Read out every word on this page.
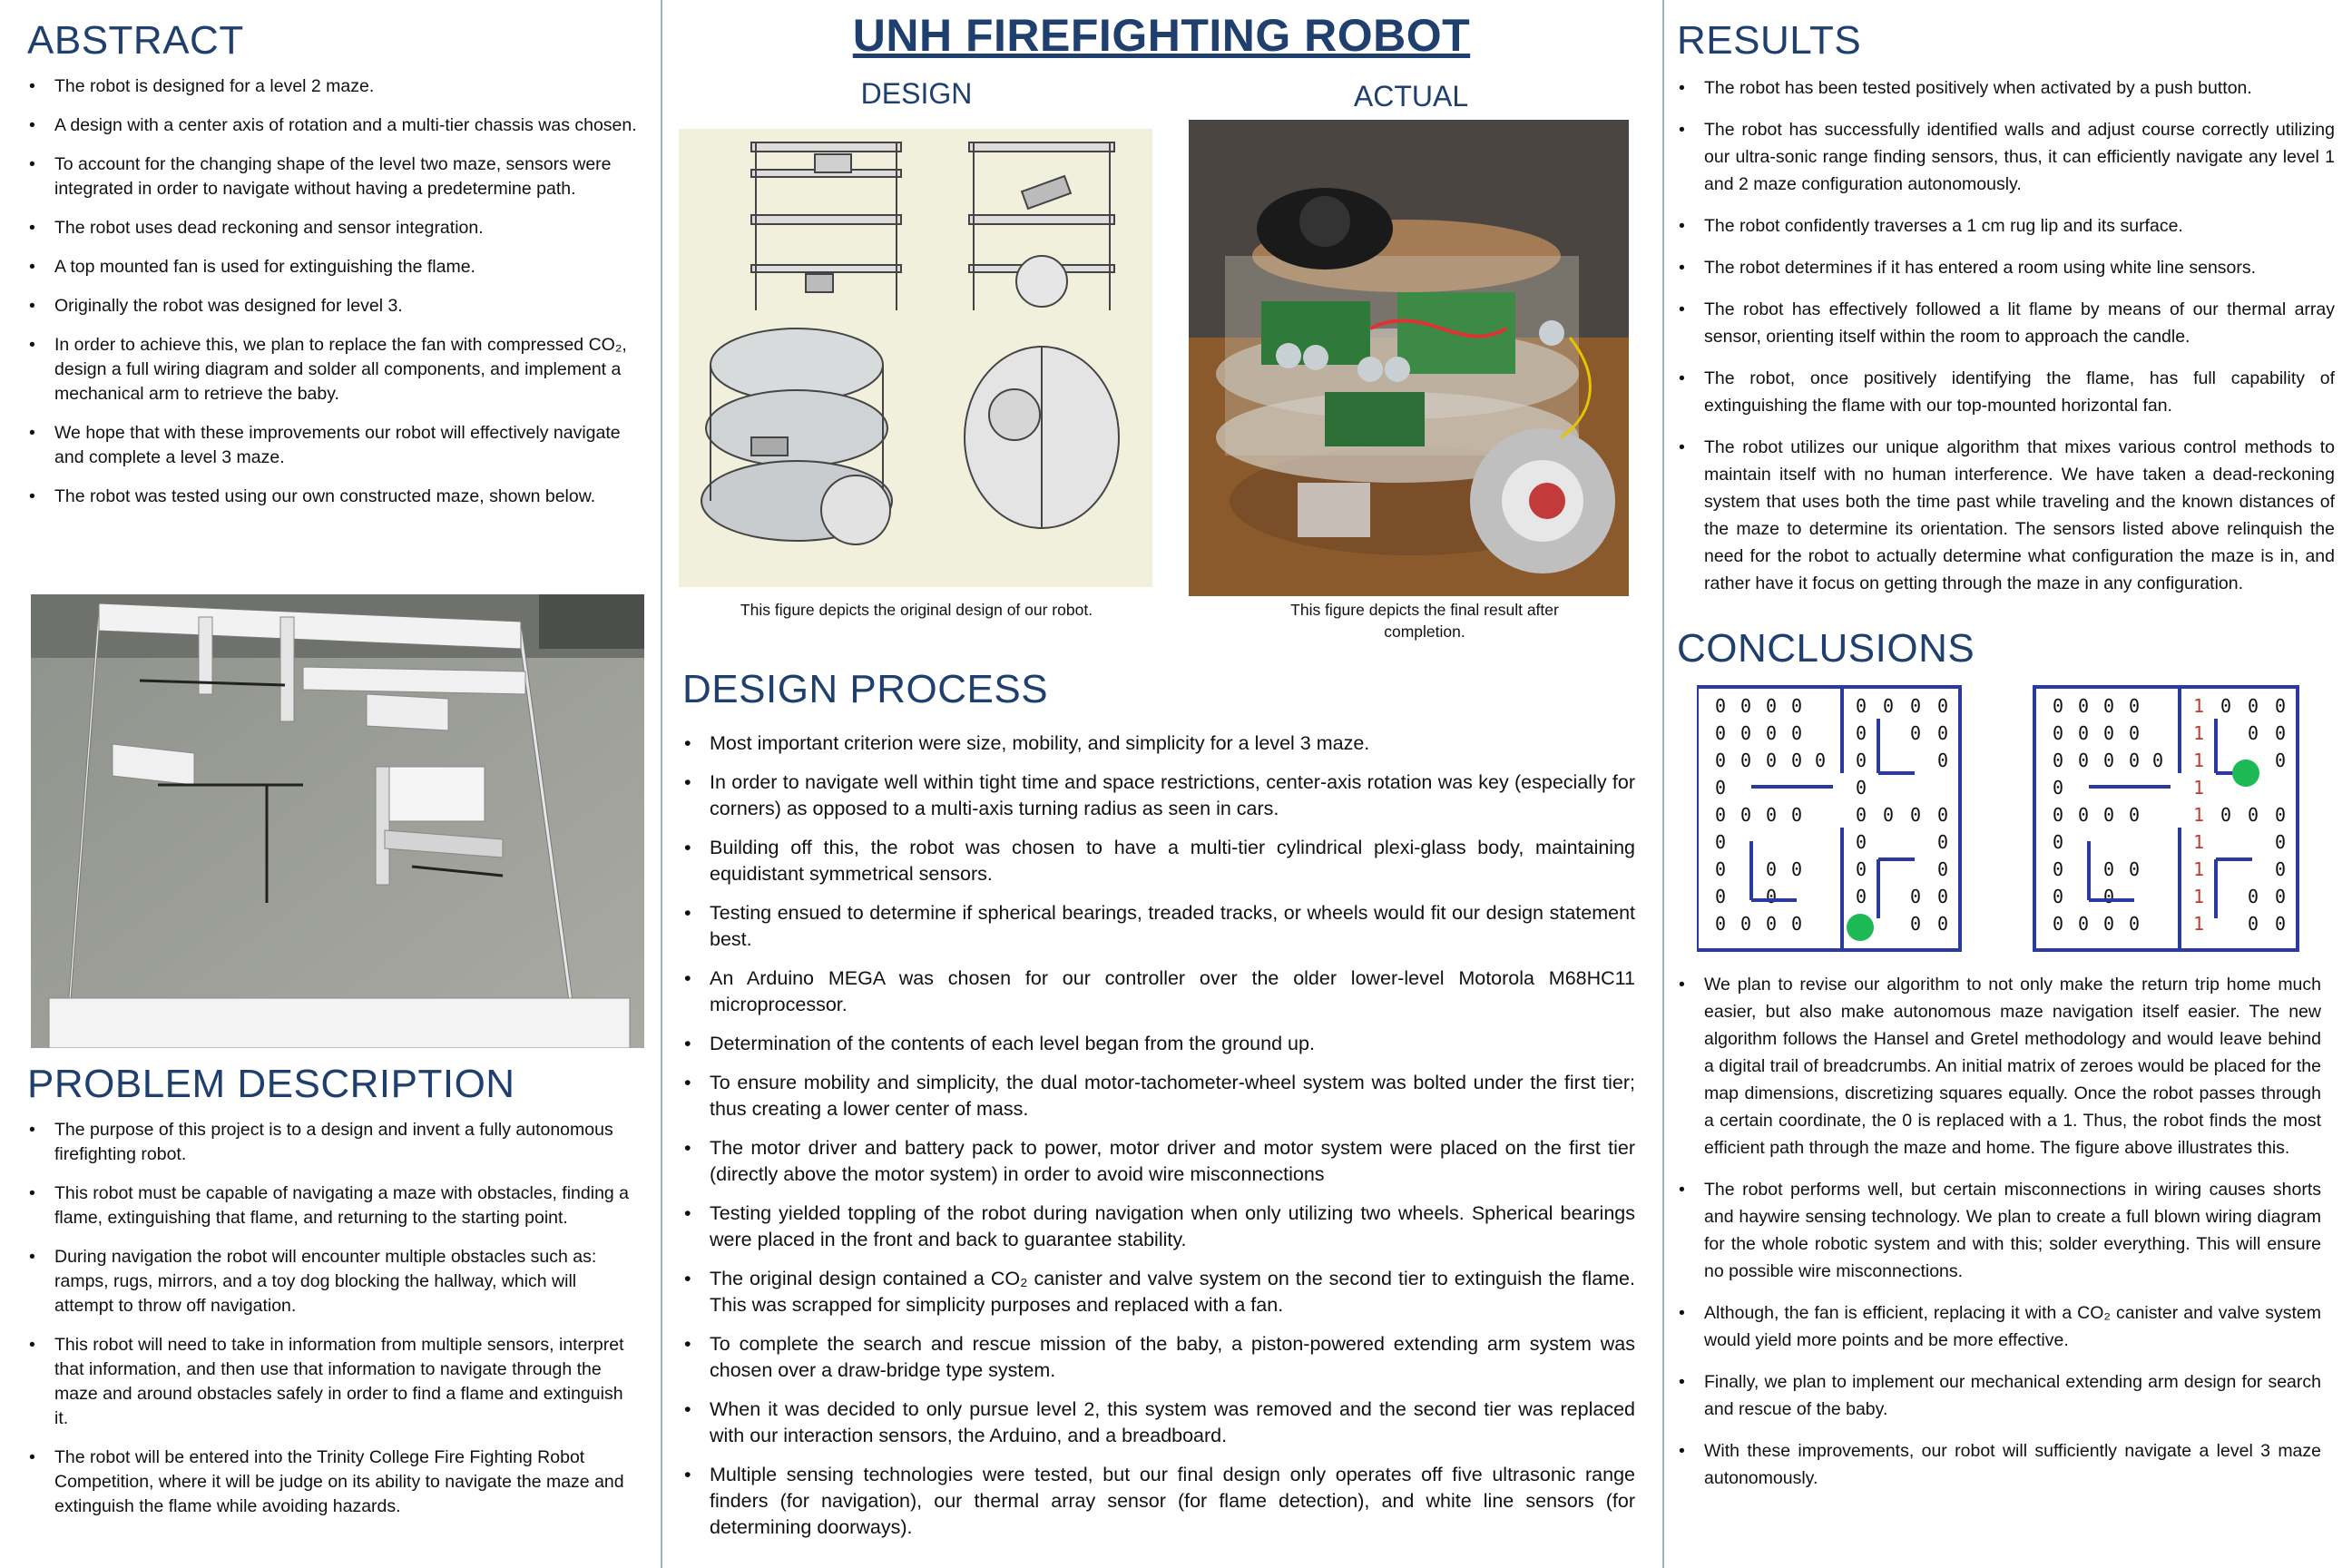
ABSTRACT
• The robot is designed for a level 2 maze.
• A design with a center axis of rotation and a multi-tier chassis was chosen.
• To account for the changing shape of the level two maze, sensors were integrated in order to navigate without having a predetermine path.
• The robot uses dead reckoning and sensor integration.
• A top mounted fan is used for extinguishing the flame.
• Originally the robot was designed for level 3.
• In order to achieve this, we plan to replace the fan with compressed CO₂, design a full wiring diagram and solder all components, and implement a mechanical arm to retrieve the baby.
• We hope that with these improvements our robot will effectively navigate and complete a level 3 maze.
• The robot was tested using our own constructed maze, shown below.
PROBLEM DESCRIPTION
• The purpose of this project is to a design and invent a fully autonomous firefighting robot.
• This robot must be capable of navigating a maze with obstacles, finding a flame, extinguishing that flame, and returning to the starting point.
• During navigation the robot will encounter multiple obstacles such as: ramps, rugs, mirrors, and a toy dog blocking the hallway, which will attempt to throw off navigation.
• This robot will need to take in information from multiple sensors, interpret that information, and then use that information to navigate through the maze and around obstacles safely in order to find a flame and extinguish it.
• The robot will be entered into the Trinity College Fire Fighting Robot Competition, where it will be judge on its ability to navigate the maze and extinguish the flame while avoiding hazards.
UNH FIREFIGHTING ROBOT
DESIGN	ACTUAL
This figure depicts the original design of our robot.	This figure depicts the final result after completion.
DESIGN PROCESS
• Most important criterion were size, mobility, and simplicity for a level 3 maze.
• In order to navigate well within tight time and space restrictions, center-axis rotation was key (especially for corners) as opposed to a multi-axis turning radius as seen in cars.
• Building off this, the robot was chosen to have a multi-tier cylindrical plexi-glass body, maintaining equidistant symmetrical sensors.
• Testing ensued to determine if spherical bearings, treaded tracks, or wheels would fit our design statement best.
• An Arduino MEGA was chosen for our controller over the older lower-level Motorola M68HC11 microprocessor.
• Determination of the contents of each level began from the ground up.
• To ensure mobility and simplicity, the dual motor-tachometer-wheel system was bolted under the first tier; thus creating a lower center of mass.
• The motor driver and battery pack to power, motor driver and motor system were placed on the first tier (directly above the motor system) in order to avoid wire misconnections
• Testing yielded toppling of the robot during navigation when only utilizing two wheels. Spherical bearings were placed in the front and back to guarantee stability.
• The original design contained a CO₂ canister and valve system on the second tier to extinguish the flame. This was scrapped for simplicity purposes and replaced with a fan.
• To complete the search and rescue mission of the baby, a piston-powered extending arm system was chosen over a draw-bridge type system.
• When it was decided to only pursue level 2, this system was removed and the second tier was replaced with our interaction sensors, the Arduino, and a breadboard.
• Multiple sensing technologies were tested, but our final design only operates off five ultrasonic range finders (for navigation), our thermal array sensor (for flame detection), and white line sensors (for determining doorways).
RESULTS
• The robot has been tested positively when activated by a push button.
• The robot has successfully identified walls and adjust course correctly utilizing our ultra-sonic range finding sensors, thus, it can efficiently navigate any level 1 and 2 maze configuration autonomously.
• The robot confidently traverses a 1 cm rug lip and its surface.
• The robot determines if it has entered a room using white line sensors.
• The robot has effectively followed a lit flame by means of our thermal array sensor, orienting itself within the room to approach the candle.
• The robot, once positively identifying the flame, has full capability of extinguishing the flame with our top-mounted horizontal fan.
• The robot utilizes our unique algorithm that mixes various control methods to maintain itself with no human interference. We have taken a dead-reckoning system that uses both the time past while traveling and the known distances of the maze to determine its orientation. The sensors listed above relinquish the need for the robot to actually determine what configuration the maze is in, and rather have it focus on getting through the maze in any configuration.
CONCLUSIONS
0 0 0 0
0 0 0 0
0 0 0 0 0
0
0 0 0 0
0
0 0 0
0 0
0 0 0 0
0 0 0 0
0 0 0
0	0
0
0 0 0 0
0	0
0	0
0 0 0
0 0
0 0 0 0
0 0 0 0
0 0 0 0 0
0
0 0 0 0
0
0 0 0
0 0
0 0 0 0
1 0 0 0
1 0 0
1	0
1
1 0 0 0
1	0
1	0
1 0 0
1 0 0
• We plan to revise our algorithm to not only make the return trip home much easier, but also make autonomous maze navigation itself easier. The new algorithm follows the Hansel and Gretel methodology and would leave behind a digital trail of breadcrumbs. An initial matrix of zeroes would be placed for the map dimensions, discretizing squares equally. Once the robot passes through a certain coordinate, the 0 is replaced with a 1. Thus, the robot finds the most efficient path through the maze and home. The figure above illustrates this.
• The robot performs well, but certain misconnections in wiring causes shorts and haywire sensing technology. We plan to create a full blown wiring diagram for the whole robotic system and with this; solder everything. This will ensure no possible wire misconnections.
• Although, the fan is efficient, replacing it with a CO₂ canister and valve system would yield more points and be more effective.
• Finally, we plan to implement our mechanical extending arm design for search and rescue of the baby.
• With these improvements, our robot will sufficiently navigate a level 3 maze autonomously.
